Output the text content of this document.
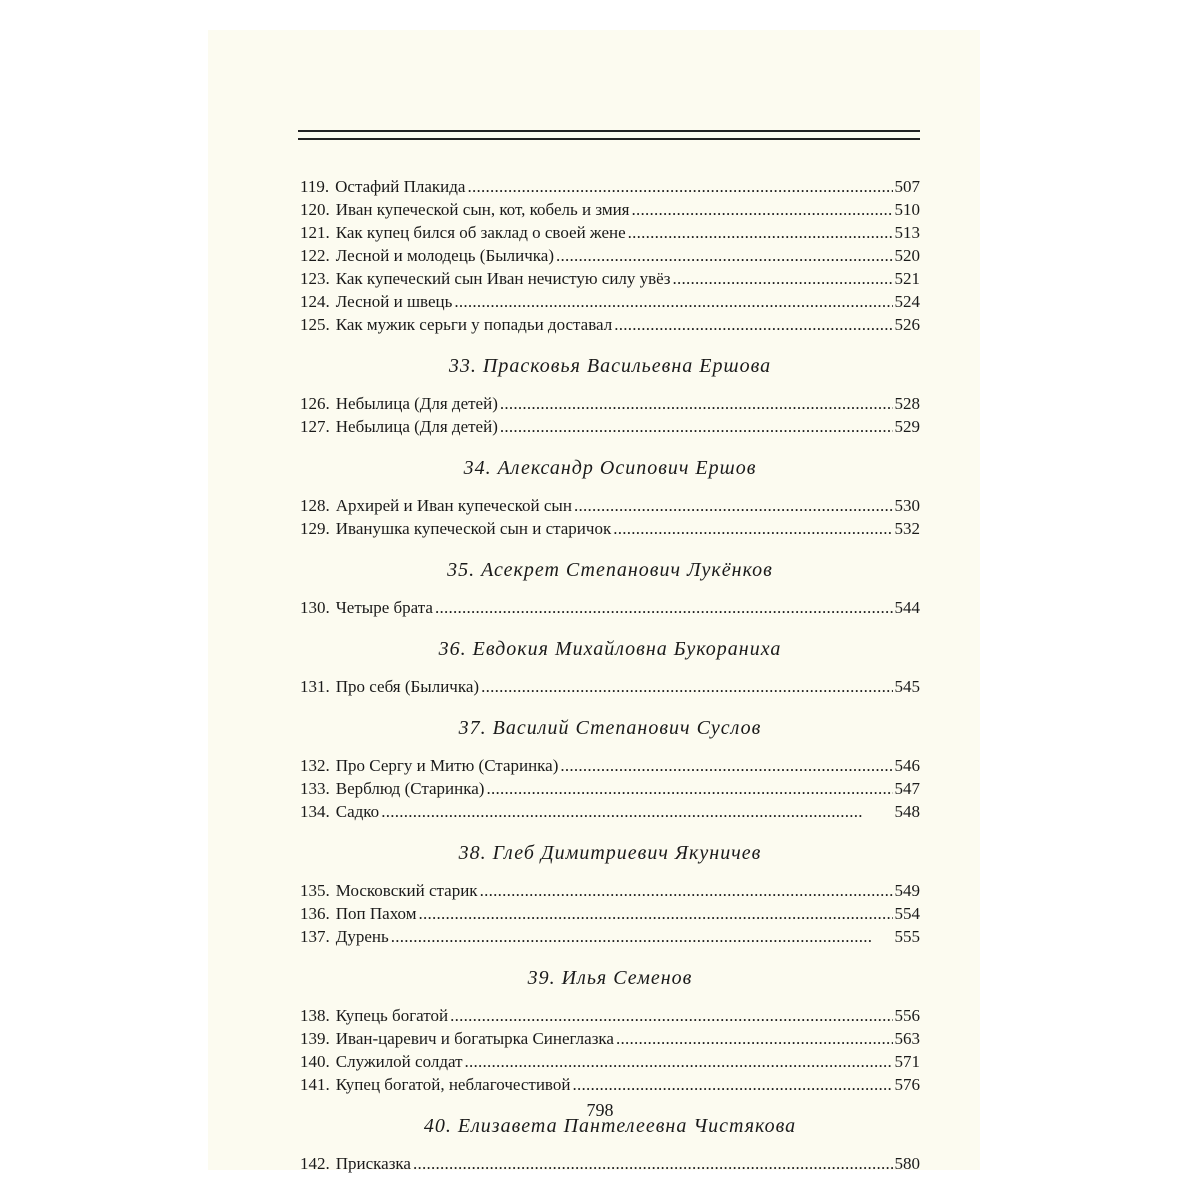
119. Остафий Плакида . . .	507
120. Иван купеческой сын, кот, кобель и змия . . .	510
121. Как купец бился об заклад о своей жене . . .	513
122. Лесной и молодець (Быличка) . . .	520
123. Как купеческий сын Иван нечистую силу увёз . . .	521
124. Лесной и швець . . .	524
125. Как мужик серьги у попадьи доставал . . .	526
33. Прасковья Васильевна Ершова
126. Небылица (Для детей) . . .	528
127. Небылица (Для детей) . . .	529
34. Александр Осипович Ершов
128. Архирей и Иван купеческой сын . . .	530
129. Иванушка купеческой сын и старичок . . .	532
35. Асекрет Степанович Лукёнков
130. Четыре брата . . .	544
36. Евдокия Михайловна Букораниха
131. Про себя (Быличка) . . .	545
37. Василий Степанович Суслов
132. Про Сергу и Митю (Старинка) . . .	546
133. Верблюд (Старинка) . . .	547
134. Садко . . .	548
38. Глеб Димитриевич Якуничев
135. Московский старик . . .	549
136. Поп Пахом . . .	554
137. Дурень . . .	555
39. Илья Семенов
138. Купець богатой . . .	556
139. Иван-царевич и богатырка Синеглазка . . .	563
140. Служилой солдат . . .	571
141. Купец богатой, неблагочестивой . . .	576
40. Елизавета Пантелеевна Чистякова
142. Присказка . . .	580
798
